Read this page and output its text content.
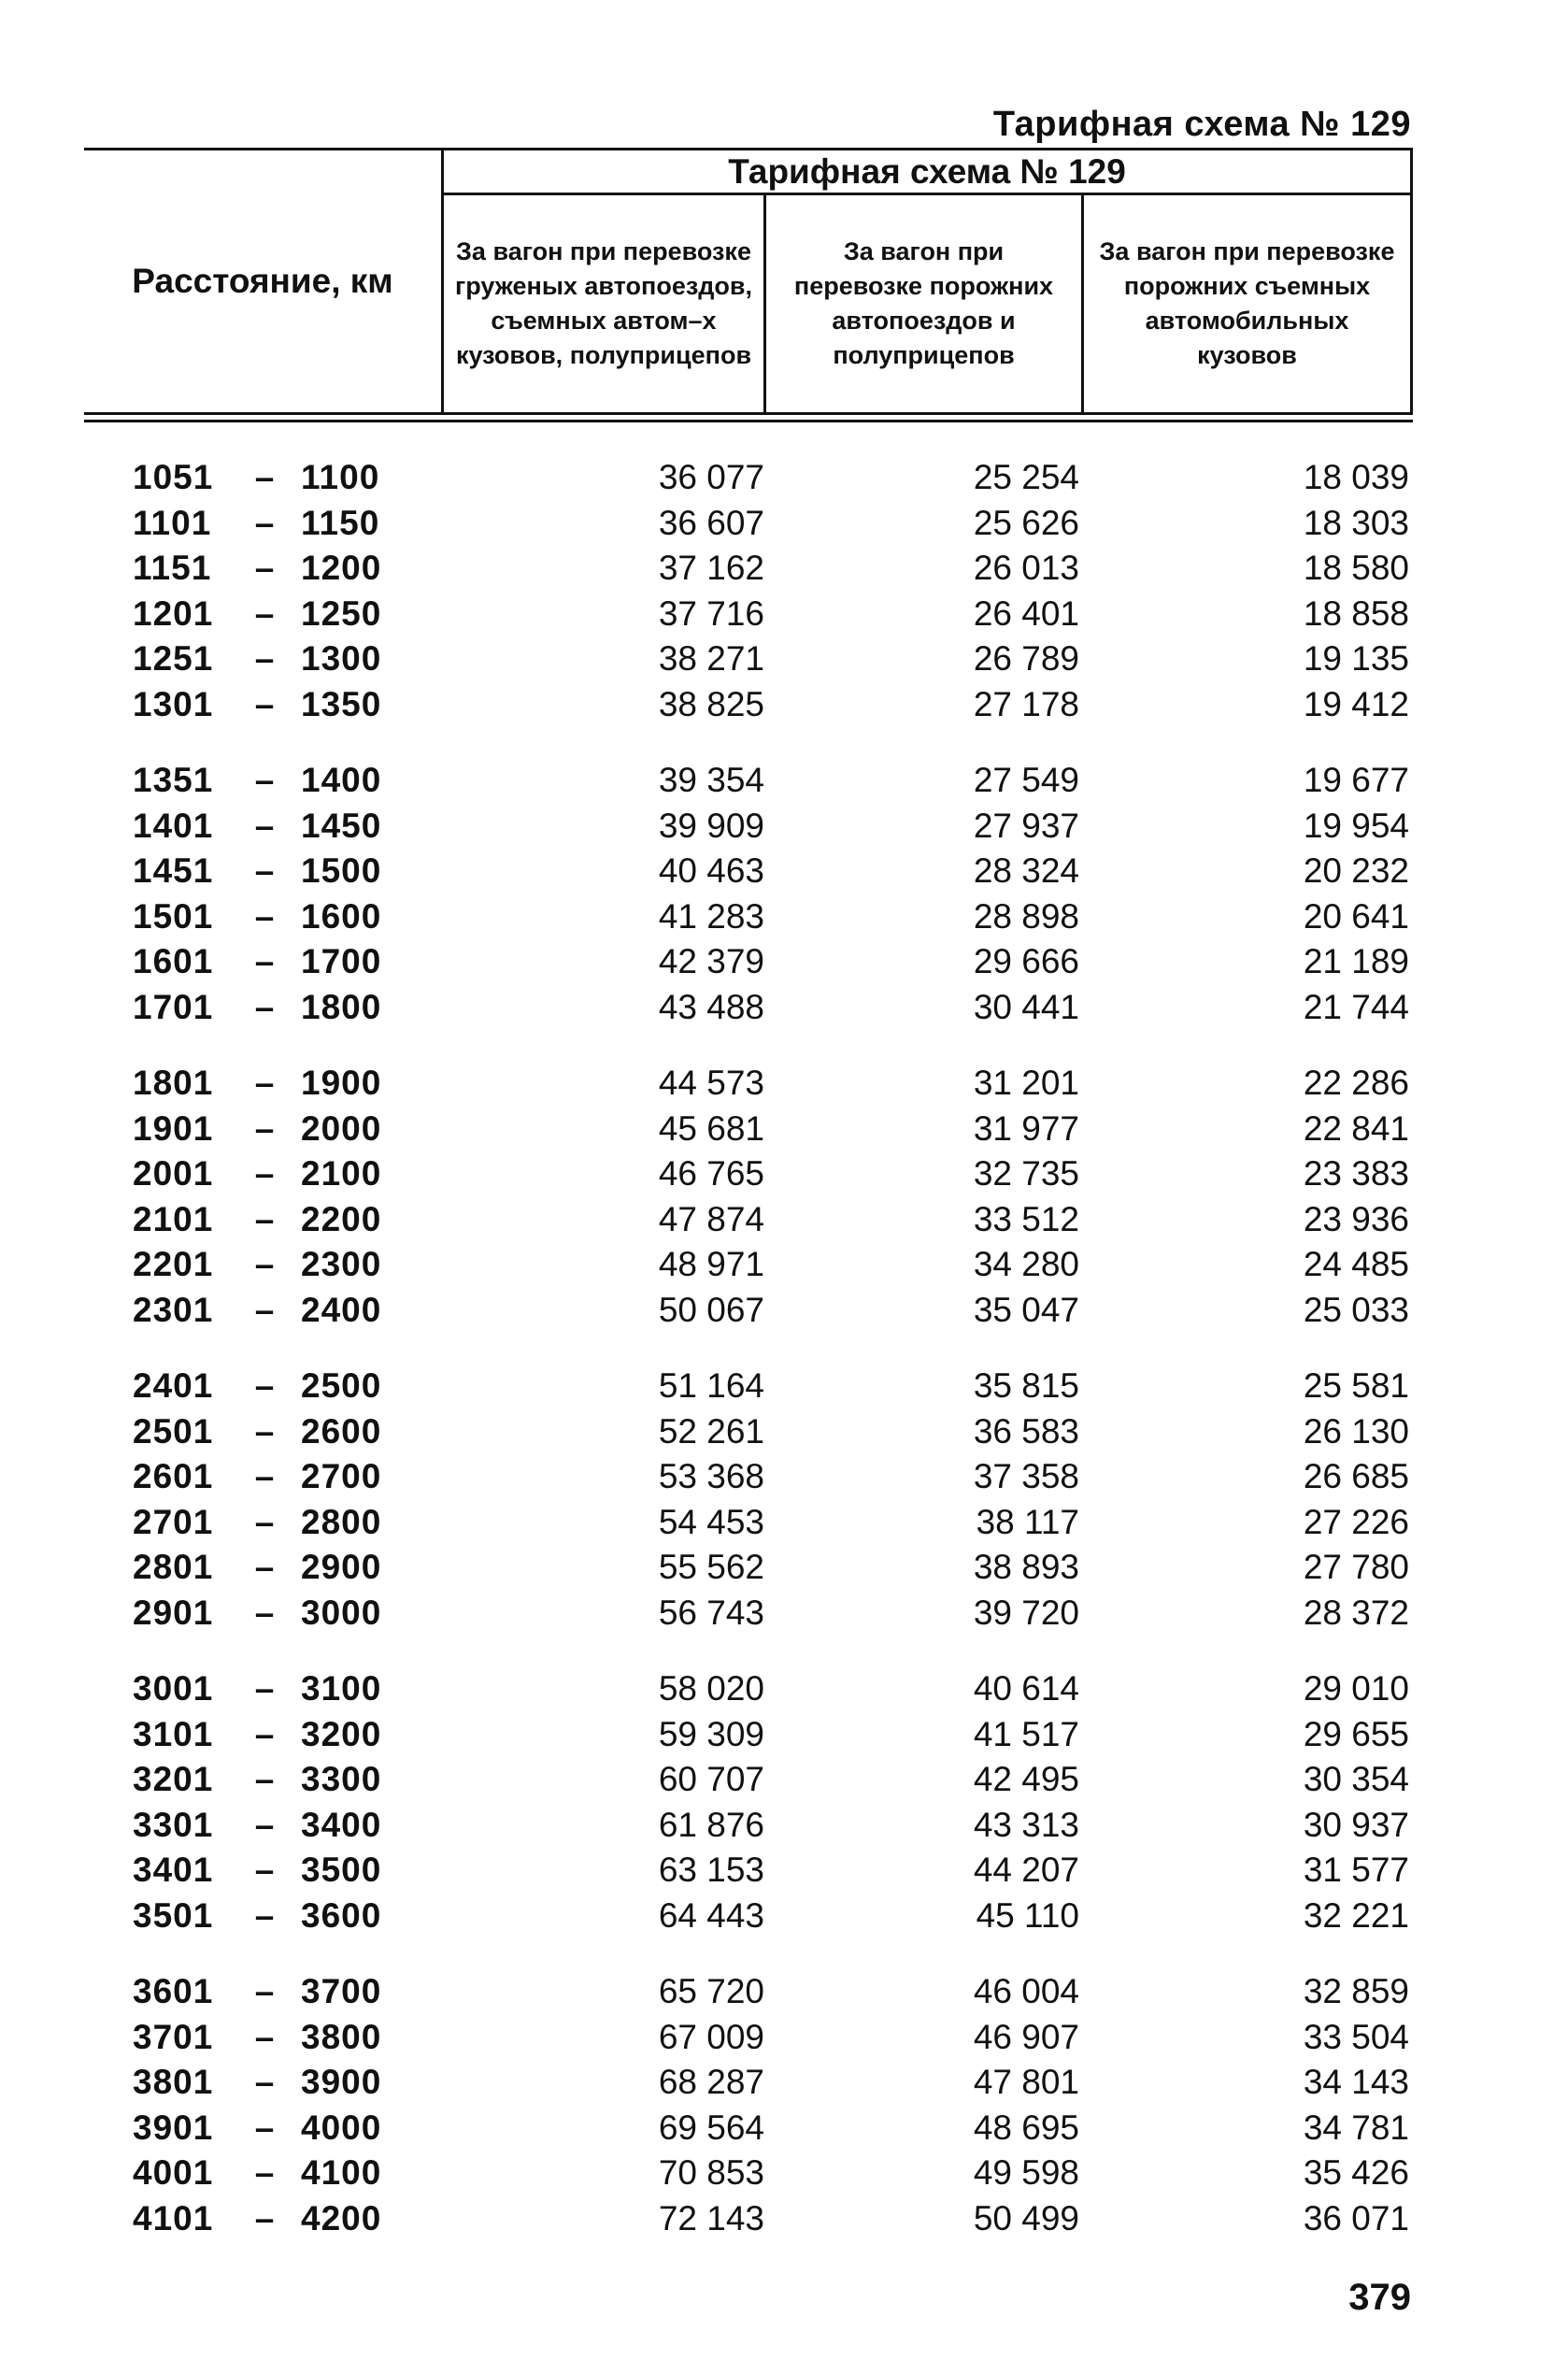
Тарифная схема № 129
Расстояние, км
Тарифная схема № 129
За вагон при перевозке груженых автопоездов, съемных автом–х кузовов, полуприцепов
За вагон при перевозке порожних автопоездов и полуприцепов
За вагон при перевозке порожних съемных автомобильных кузовов
1051	– 1100	36 077	25 254	18 039
1101	– 1150	36 607	25 626	18 303
1151	– 1200	37 162	26 013	18 580
1201	– 1250	37 716	26 401	18 858
1251	– 1300	38 271	26 789	19 135
1301	– 1350	38 825	27 178	19 412
1351	– 1400	39 354	27 549	19 677
1401	– 1450	39 909	27 937	19 954
1451	– 1500	40 463	28 324	20 232
1501	– 1600	41 283	28 898	20 641
1601	– 1700	42 379	29 666	21 189
1701	– 1800	43 488	30 441	21 744
1801	– 1900	44 573	31 201	22 286
1901	– 2000	45 681	31 977	22 841
2001	– 2100	46 765	32 735	23 383
2101	– 2200	47 874	33 512	23 936
2201	– 2300	48 971	34 280	24 485
2301	– 2400	50 067	35 047	25 033
2401	– 2500	51 164	35 815	25 581
2501	– 2600	52 261	36 583	26 130
2601	– 2700	53 368	37 358	26 685
2701	– 2800	54 453	38 117	27 226
2801	– 2900	55 562	38 893	27 780
2901	– 3000	56 743	39 720	28 372
3001	– 3100	58 020	40 614	29 010
3101	– 3200	59 309	41 517	29 655
3201	– 3300	60 707	42 495	30 354
3301	– 3400	61 876	43 313	30 937
3401	– 3500	63 153	44 207	31 577
3501	– 3600	64 443	45 110	32 221
3601	– 3700	65 720	46 004	32 859
3701	– 3800	67 009	46 907	33 504
3801	– 3900	68 287	47 801	34 143
3901	– 4000	69 564	48 695	34 781
4001	– 4100	70 853	49 598	35 426
4101	– 4200	72 143	50 499	36 071
379
